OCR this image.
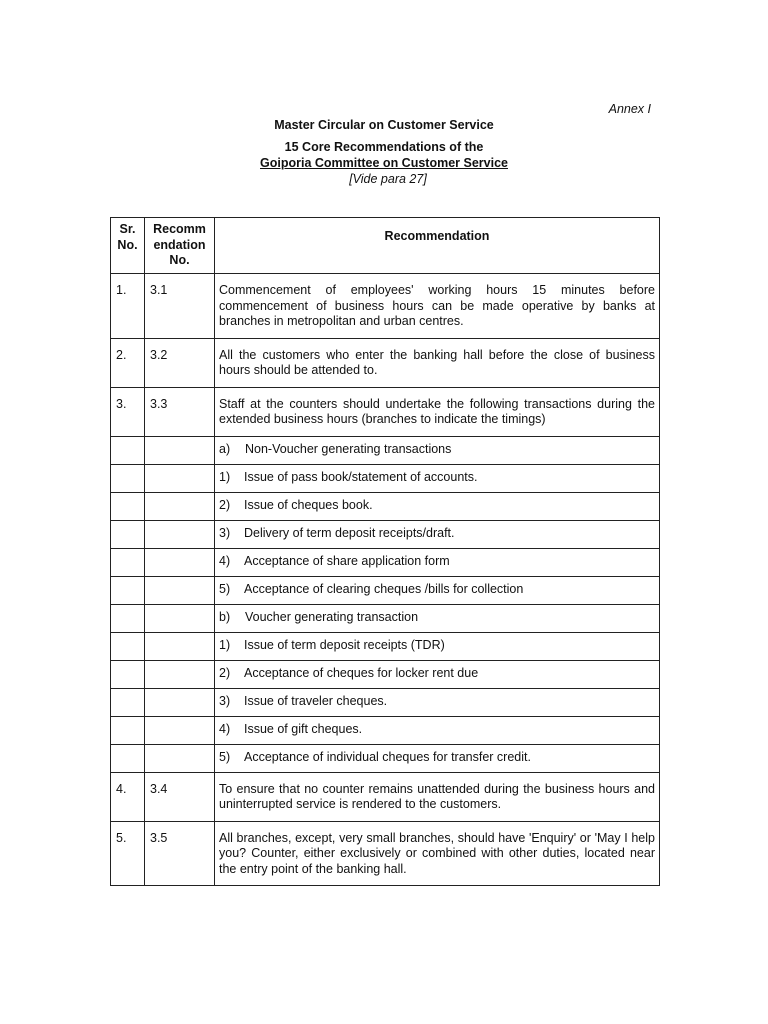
Annex I
Master Circular on Customer Service
15 Core Recommendations of the
Goiporia Committee on Customer Service
[Vide para 27]
Sr. No.	Recomm endation No.	Recommendation
1.	3.1	Commencement of employees' working hours 15 minutes before commencement of business hours can be made operative by banks at branches in metropolitan and urban centres.
2.	3.2	All the customers who enter the banking hall before the close of business hours should be attended to.
3.	3.3	Staff at the counters should undertake the following transactions during the extended business hours (branches to indicate the timings)
		a) Non-Voucher generating transactions
		1) Issue of pass book/statement of accounts.
		2) Issue of cheques book.
		3) Delivery of term deposit receipts/draft.
		4) Acceptance of share application form
		5) Acceptance of clearing cheques /bills for collection
		b) Voucher generating transaction
		1) Issue of term deposit receipts (TDR)
		2) Acceptance of cheques for locker rent due
		3) Issue of traveler cheques.
		4) Issue of gift cheques.
		5) Acceptance of individual cheques for transfer credit.
4.	3.4	To ensure that no counter remains unattended during the business hours and uninterrupted service is rendered to the customers.
5.	3.5	All branches, except, very small branches, should have 'Enquiry' or 'May I help you? Counter, either exclusively or combined with other duties, located near the entry point of the banking hall.
